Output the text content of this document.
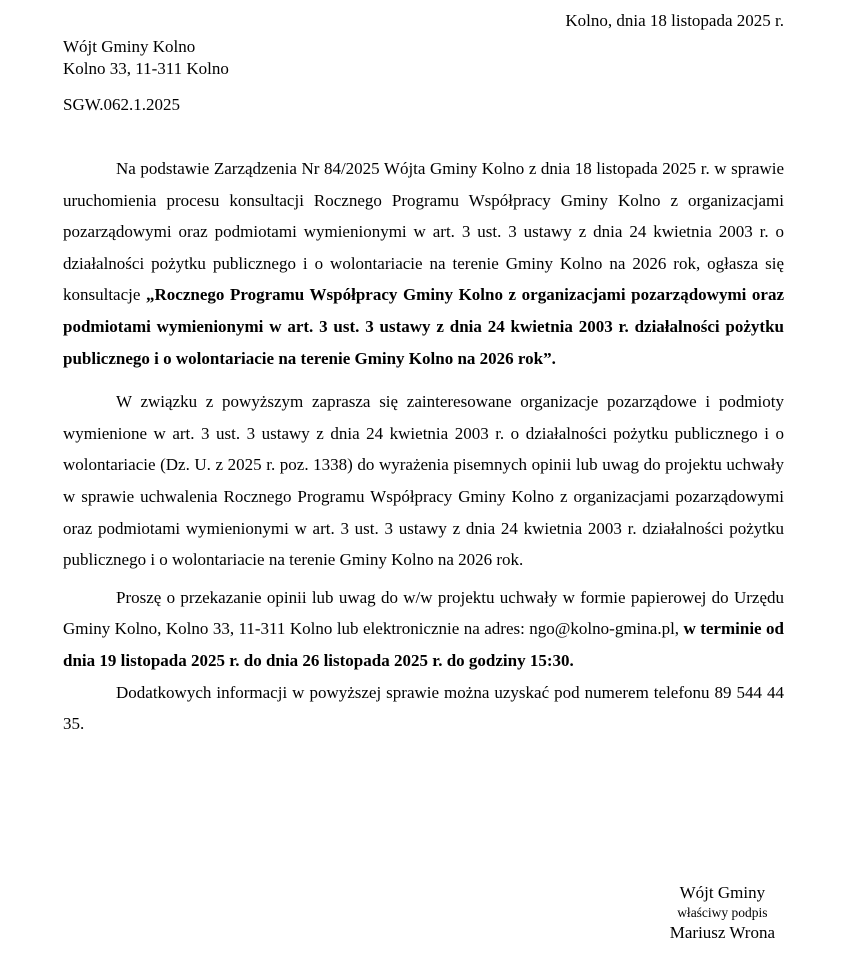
Kolno, dnia 18 listopada 2025 r.
Wójt Gminy Kolno
Kolno 33, 11-311 Kolno
SGW.062.1.2025

Na podstawie Zarządzenia Nr 84/2025 Wójta Gminy Kolno z dnia 18 listopada 2025 r. w sprawie uruchomienia procesu konsultacji Rocznego Programu Współpracy Gminy Kolno z organizacjami pozarządowymi oraz podmiotami wymienionymi w art. 3 ust. 3 ustawy z dnia 24 kwietnia 2003 r. o działalności pożytku publicznego i o wolontariacie na terenie Gminy Kolno na 2026 rok, ogłasza się konsultacje „Rocznego Programu Współpracy Gminy Kolno z organizacjami pozarządowymi oraz podmiotami wymienionymi w art. 3 ust. 3 ustawy z dnia 24 kwietnia 2003 r. działalności pożytku publicznego i o wolontariacie na terenie Gminy Kolno na 2026 rok”.

W związku z powyższym zaprasza się zainteresowane organizacje pozarządowe i podmioty wymienione w art. 3 ust. 3 ustawy z dnia 24 kwietnia 2003 r. o działalności pożytku publicznego i o wolontariacie (Dz. U. z 2025 r. poz. 1338) do wyrażenia pisemnych opinii lub uwag do projektu uchwały w sprawie uchwalenia Rocznego Programu Współpracy Gminy Kolno z organizacjami pozarządowymi oraz podmiotami wymienionymi w art. 3 ust. 3 ustawy z dnia 24 kwietnia 2003 r. działalności pożytku publicznego i o wolontariacie na terenie Gminy Kolno na 2026 rok.

Proszę o przekazanie opinii lub uwag do w/w projektu uchwały w formie papierowej do Urzędu Gminy Kolno, Kolno 33, 11-311 Kolno lub elektronicznie na adres: ngo@kolno-gmina.pl, w terminie od dnia 19 listopada 2025 r. do dnia 26 listopada 2025 r. do godziny 15:30.

Dodatkowych informacji w powyższej sprawie można uzyskać pod numerem telefonu 89 544 44 35.

Wójt Gminy
właściwy podpis
Mariusz Wrona
